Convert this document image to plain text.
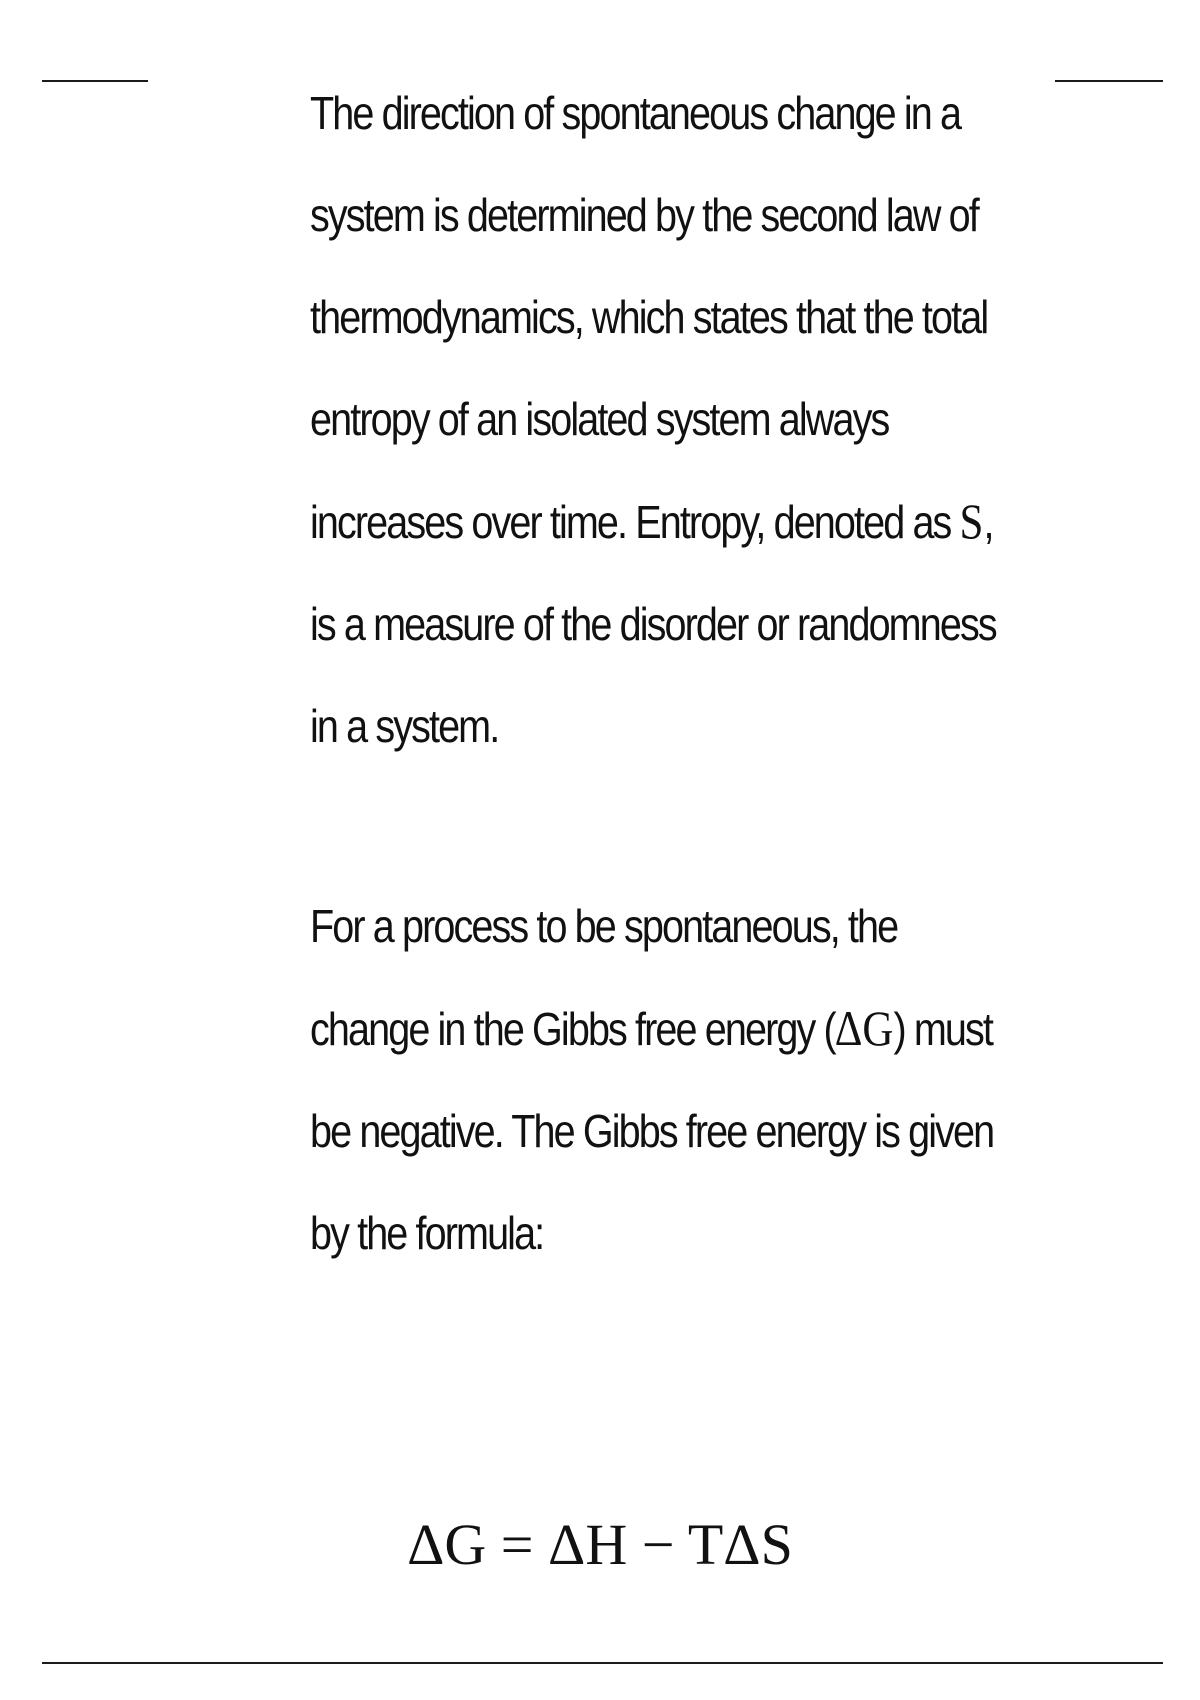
The direction of spontaneous change in a system is determined by the second law of thermodynamics, which states that the total entropy of an isolated system always increases over time. Entropy, denoted as S, is a measure of the disorder or randomness in a system.

For a process to be spontaneous, the change in the Gibbs free energy (ΔG) must be negative. The Gibbs free energy is given by the formula:

ΔG = ΔH − TΔS
